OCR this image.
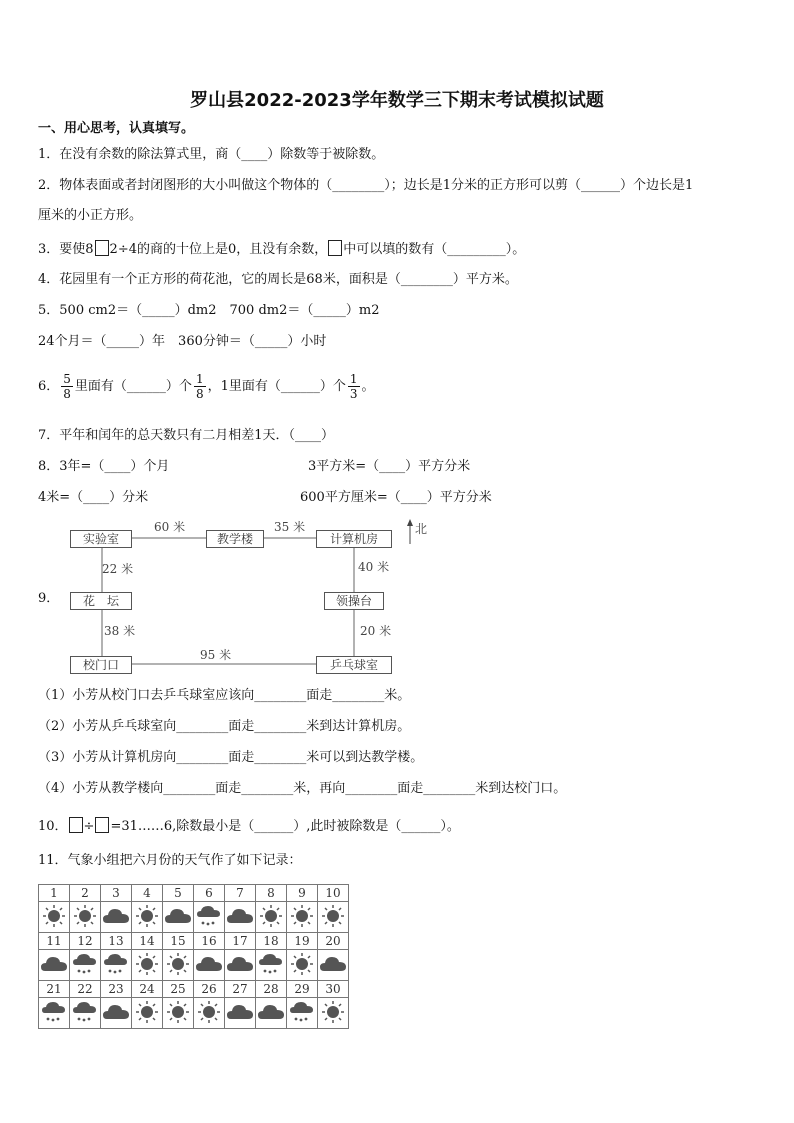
罗山县2022-2023学年数学三下期末考试模拟试题
一、用心思考，认真填写。
1．在没有余数的除法算式里，商（____）除数等于被除数。
2．物体表面或者封闭图形的大小叫做这个物体的（________）；边长是1分米的正方形可以剪（______）个边长是1
厘米的小正方形。
3．要使8 2÷4的商的十位上是0，且没有余数， 中可以填的数有（_________）。
4．花园里有一个正方形的荷花池，它的周长是68米，面积是（________）平方米。
5．500 cm2＝（_____）dm2　700 dm2＝（_____）m2
24个月＝（_____）年　360分钟＝（_____）小时
6． $\frac{5}{8}$ 里面有（______）个 $\frac{1}{8}$ ，1里面有（______）个 $\frac{1}{3}$ 。
7．平年和闰年的总天数只有二月相差1天．（____）
8．3年=（____）个月	3平方米=（____）平方分米
4米=（____）分米	600平方厘米=（____）平方分米
9．
实验室	教学楼	计算机房
花　坛	领操台
校门口	乒乓球室
60 米	35 米
22 米	40 米
38 米	20 米
95 米
北
（1）小芳从校门口去乒乓球室应该向________面走________米。
（2）小芳从乒乓球室向________面走________米到达计算机房。
（3）小芳从计算机房向________面走________米可以到达教学楼。
（4）小芳从教学楼向________面走________米，再向________面走________米到达校门口。
10． ÷ =31……6,除数最小是（______）,此时被除数是（______）。
11．气象小组把六月份的天气作了如下记录：
1	2	3	4	5	6	7	8	9	10

11	12	13	14	15	16	17	18	19	20

21	22	23	24	25	26	27	28	29	30
